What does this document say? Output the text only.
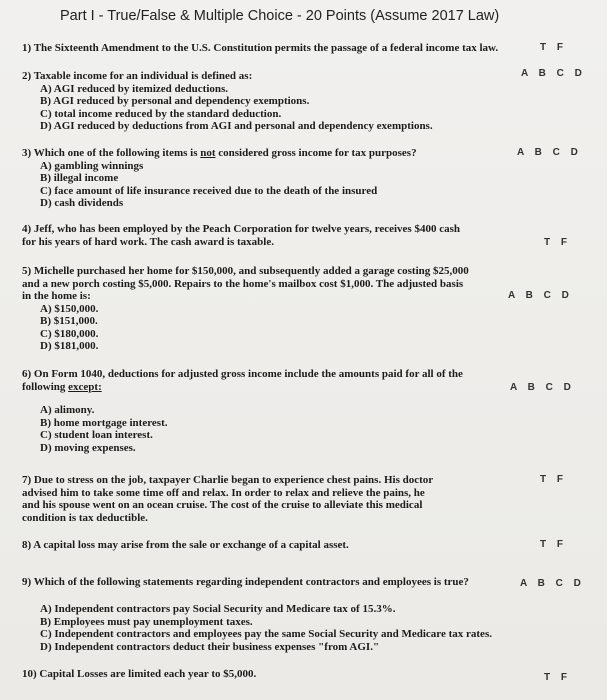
Part I - True/False & Multiple Choice - 20 Points (Assume 2017 Law)

1) The Sixteenth Amendment to the U.S. Constitution permits the passage of a federal income tax law.	T F

2) Taxable income for an individual is defined as:

A) AGI reduced by itemized deductions.

B) AGI reduced by personal and dependency exemptions.

C) total income reduced by the standard deduction.

D) AGI reduced by deductions from AGI and personal and dependency exemptions.

A B C D

3) Which one of the following items is not considered gross income for tax purposes?

A) gambling winnings

B) illegal income

C) face amount of life insurance received due to the death of the insured

D) cash dividends

A B C D

4) Jeff, who has been employed by the Peach Corporation for twelve years, receives $400 cash

for his years of hard work. The cash award is taxable.	T F

5) Michelle purchased her home for $150,000, and subsequently added a garage costing $25,000

and a new porch costing $5,000. Repairs to the home's mailbox cost $1,000. The adjusted basis

in the home is:

A) $150,000.

B) $151,000.

C) $180,000.

D) $181,000.

A B C D

6) On Form 1040, deductions for adjusted gross income include the amounts paid for all of the

following except:

A) alimony.

B) home mortgage interest.

C) student loan interest.

D) moving expenses.

A B C D

7) Due to stress on the job, taxpayer Charlie began to experience chest pains. His doctor

advised him to take some time off and relax. In order to relax and relieve the pains, he

and his spouse went on an ocean cruise. The cost of the cruise to alleviate this medical

condition is tax deductible.

T F

8) A capital loss may arise from the sale or exchange of a capital asset.	T F

9) Which of the following statements regarding independent contractors and employees is true?

A) Independent contractors pay Social Security and Medicare tax of 15.3%.

B) Employees must pay unemployment taxes.

C) Independent contractors and employees pay the same Social Security and Medicare tax rates.

D) Independent contractors deduct their business expenses "from AGI."

A B C D

10) Capital Losses are limited each year to $5,000.	T F
